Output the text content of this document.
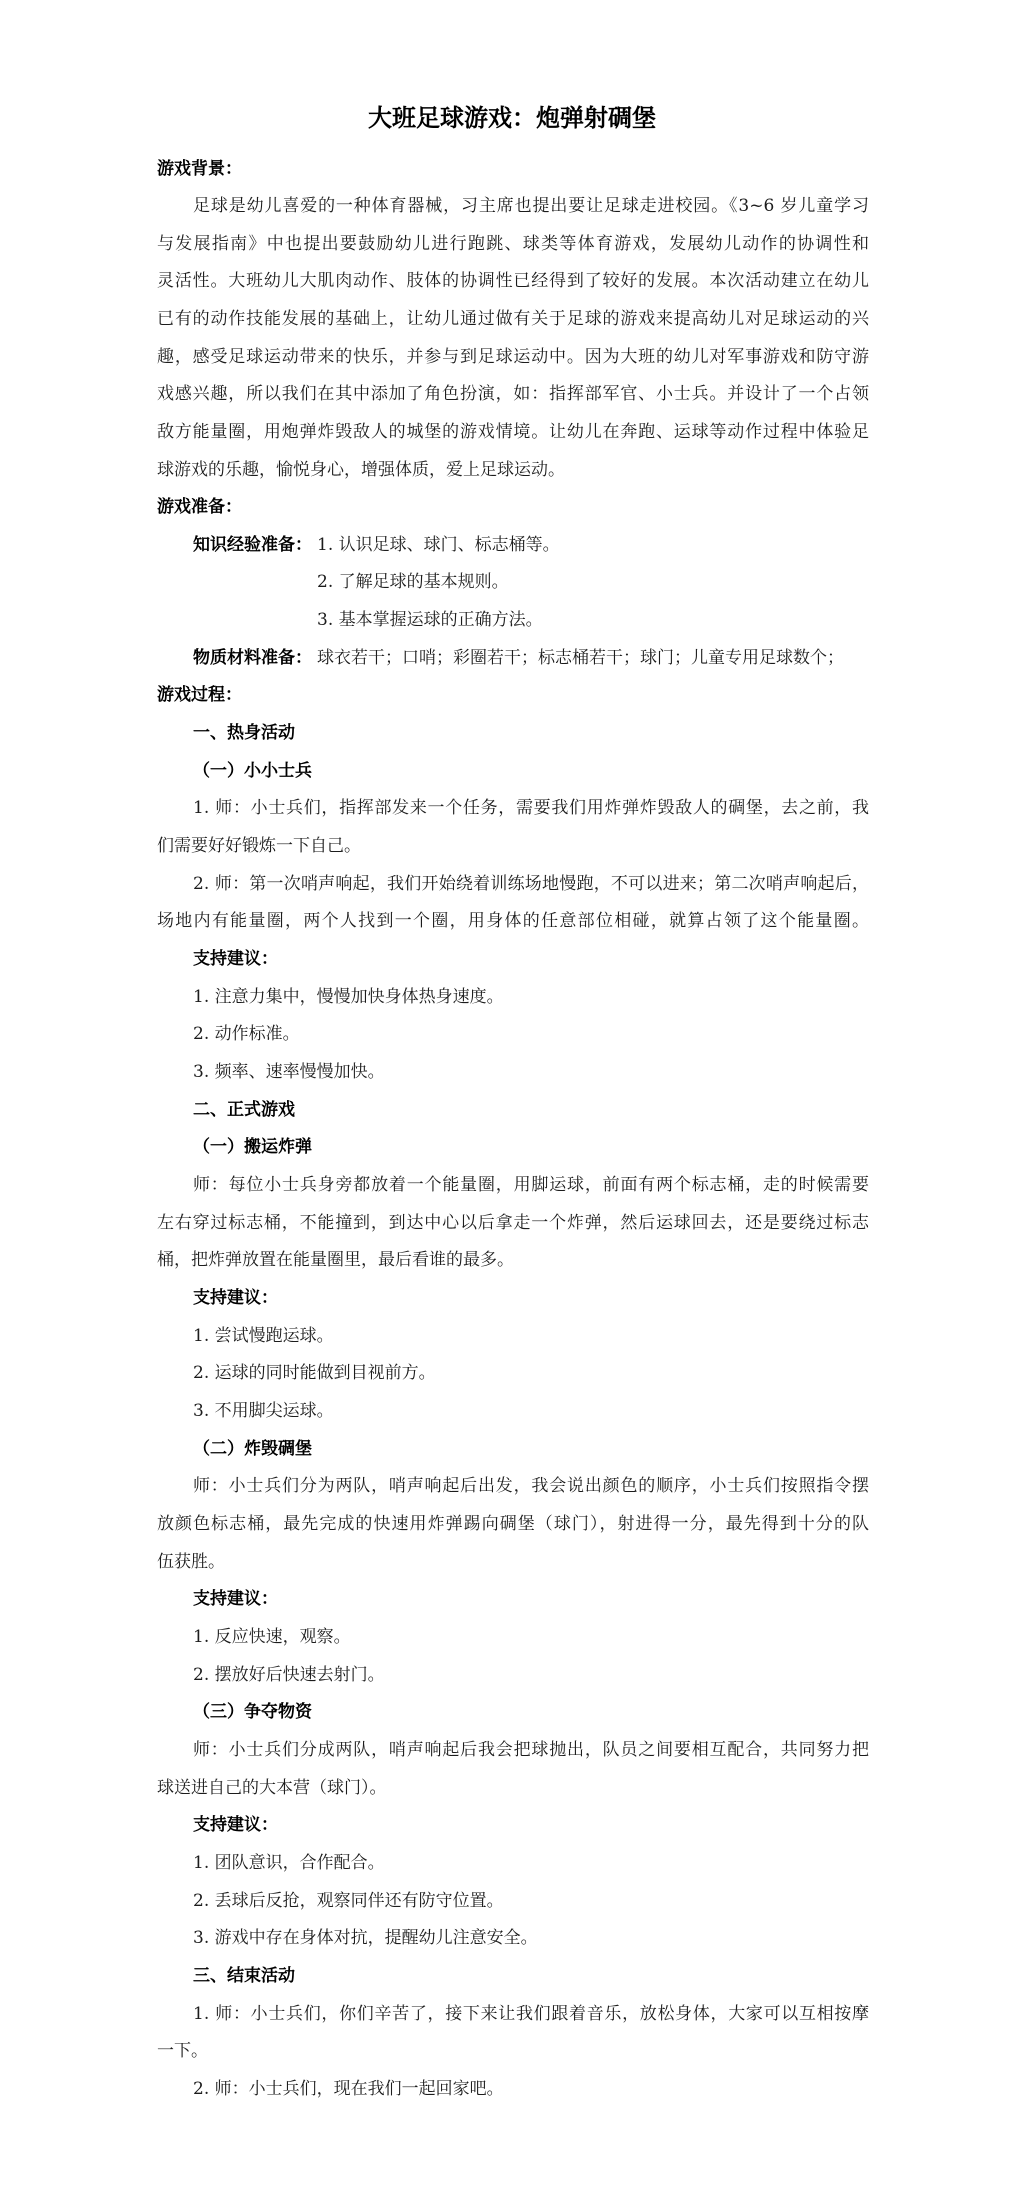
大班足球游戏：炮弹射碉堡
游戏背景：
足球是幼儿喜爱的一种体育器械，习主席也提出要让足球走进校园。《3~6 岁儿童学习
与发展指南》中也提出要鼓励幼儿进行跑跳、球类等体育游戏，发展幼儿动作的协调性和
灵活性。大班幼儿大肌肉动作、肢体的协调性已经得到了较好的发展。本次活动建立在幼儿
已有的动作技能发展的基础上，让幼儿通过做有关于足球的游戏来提高幼儿对足球运动的兴
趣，感受足球运动带来的快乐，并参与到足球运动中。因为大班的幼儿对军事游戏和防守游
戏感兴趣，所以我们在其中添加了角色扮演，如：指挥部军官、小士兵。并设计了一个占领
敌方能量圈，用炮弹炸毁敌人的城堡的游戏情境。让幼儿在奔跑、运球等动作过程中体验足
球游戏的乐趣，愉悦身心，增强体质，爱上足球运动。
游戏准备：
知识经验准备： 1. 认识足球、球门、标志桶等。
2. 了解足球的基本规则。
3. 基本掌握运球的正确方法。
物质材料准备： 球衣若干；口哨；彩圈若干；标志桶若干；球门；儿童专用足球数个；
游戏过程：
一、热身活动
（一）小小士兵
1. 师：小士兵们，指挥部发来一个任务，需要我们用炸弹炸毁敌人的碉堡，去之前，我
们需要好好锻炼一下自己。
2. 师：第一次哨声响起，我们开始绕着训练场地慢跑，不可以进来；第二次哨声响起后，
场地内有能量圈，两个人找到一个圈，用身体的任意部位相碰，就算占领了这个能量圈。
支持建议：
1. 注意力集中，慢慢加快身体热身速度。
2. 动作标准。
3. 频率、速率慢慢加快。
二、正式游戏
（一）搬运炸弹
师：每位小士兵身旁都放着一个能量圈，用脚运球，前面有两个标志桶，走的时候需要
左右穿过标志桶，不能撞到，到达中心以后拿走一个炸弹，然后运球回去，还是要绕过标志
桶，把炸弹放置在能量圈里，最后看谁的最多。
支持建议：
1. 尝试慢跑运球。
2. 运球的同时能做到目视前方。
3. 不用脚尖运球。
（二）炸毁碉堡
师：小士兵们分为两队，哨声响起后出发，我会说出颜色的顺序，小士兵们按照指令摆
放颜色标志桶，最先完成的快速用炸弹踢向碉堡（球门），射进得一分，最先得到十分的队
伍获胜。
支持建议：
1. 反应快速，观察。
2. 摆放好后快速去射门。
（三）争夺物资
师：小士兵们分成两队，哨声响起后我会把球抛出，队员之间要相互配合，共同努力把
球送进自己的大本营（球门）。
支持建议：
1. 团队意识，合作配合。
2. 丢球后反抢，观察同伴还有防守位置。
3. 游戏中存在身体对抗，提醒幼儿注意安全。
三、结束活动
1. 师：小士兵们，你们辛苦了，接下来让我们跟着音乐，放松身体，大家可以互相按摩
一下。
2. 师：小士兵们，现在我们一起回家吧。
